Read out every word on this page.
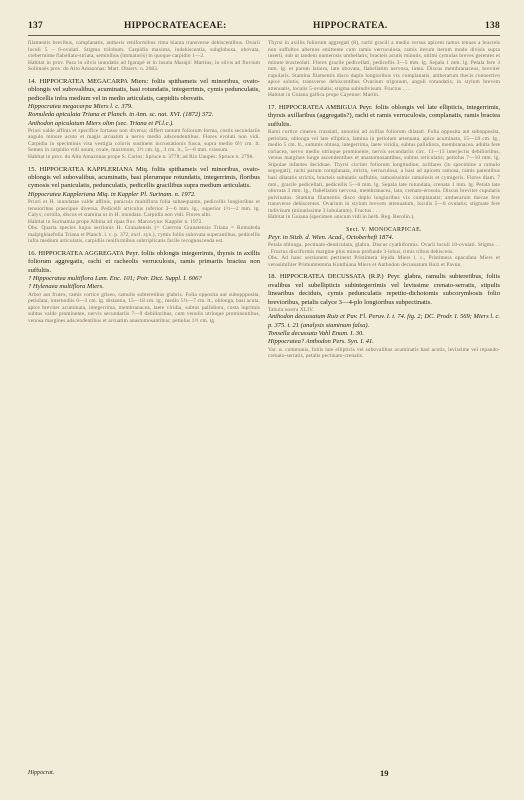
137	HIPPOCRATEACEAE:	HIPPOCRATEA.	138

filamentis brevibus, complanatis, antheris reniformibus rima bianta transverse dehiscentibus. Ovarii loculi 5 – 6-ovulati. Stigma trilobum. Carpidia maxima, indehiscentia, subglobosa, obovata, crebermime flabellato-striata, seminibus (immaturis) in quoque carpidio 1—2.

Habitat in prov. Para in silvis inundatis ad Igarapé et in insula Marajó: Martius; in silvis ad fluvium Solimoës prov. do Alto Amazonas: Mart. Observ. n. 2683.

14. HIPPOCRATEA MEGACARPA Miers: foliis spithameis vel minoribus, ovato-oblongis vel subovalibus, acuminatis, basi rotundatis, integerrimis, cymis pedunculatis, pedicellis infra medium vel in medio articulatis, carpidiis obovatis.

Hippocratea megacarpa Miers l. c. 379.

Romuleda apiculata Triana et Planch. in Ann. sc. nat. XVI. (1872) 372.

Anthodon apiculatum Miers olim (sec. Triana et Pl.l.c.).

Priori valde affinis et specifice fortasse non diversa; differt tantum foliorum forma, costis secundariis angulo minore acuto et magis arcuatim a nervo medio adscendentibus. Flores evoluti non vidi. Carpidia in speciminis visa vestigia coloris sustinent incrustationis fusca, supra medio 6½ cm. lt. Semen in carpidio vidi unum, ovale, maximum, 3½ cm. lg., 3 cm. lt., 5—6 mm. crassum.

Habitat in prov. do Alto Amazonas prope S. Carlos: Spruce n. 3778; ad Rio Uaupés: Spruce n. 2796.

15. HIPPOCRATEA KAPPLERIANA Miq. foliis spithameis vel minoribus, ovato-oblongis vel subovalibus, acuminatis, basi plerumque rotundatis, integerrimis, floribus cymosis vel paniculatis, pedunculatis, pedicellis gracilibus supra medium articulatis.

Hippocratea Kappleriana Miq. in Kappler Pl. Surinam. n. 1972.

Priori et H. inundatae valde affinis, panicula multiflora folia subaequante, pedicellis longioribus et tenuioribus praecipue diversa. Pedicelli articulus inferior 3—6 mm. lg., superior 1½—2 mm. lg. Calyx, corolla, discus et stamina ut in H. inundata. Carpidia non vidi. Flores albi.

Habitat in Surinamia prope Albina ad ripas fluv. Marowyne: Kappler n. 1972.

Obs. Quarta species hujus sectionis H. Granatensis (= Cuervea Granatensis Triana = Romuleda malpighiaefolia Triana et Planch. l. c. p. 372, excl. syn.), cymis foliis subovata superantibus, pedicellis infra medium articulatis, carpidiis reniformibus subtriplicatis facile recognoscenda est.

16. HIPPOCRATEA AGGREGATA Peyr. foliis oblongis integerrimis, thyrsis in axillis foliorum aggregatis, rachi et racheolis verruculosis, ramis primariis bractea non suffultis.

? Hippocratea multiflora Lam. Enc. 101; Poir. Dict. Suppl. I. 606?

? Hylenaea multiflora Miers.

Arbor aut frutex, ramis cortice griseo, ramulis subteretibus glabris. Folia opposita aut suboppposita, petiolata, internodiis 6—3 cm. lg. distantia, 15—18 cm. lg., medio 5½—7 cm. lt., oblonga, basi acuta, apice breviter acuminata, integerrima, membranacea, laete viridia, subtus pallidiora, costa inprimis subtus valde prominente, nervis secundariis 7—9 debilioribus, cum venulis utrinque prominentibus, venosa margines adscendentibus et arcuatim anastomosantibus; petiolus 1½ cm. lg.

Thyrsi in axillis foliorum aggregati (8), rachi gracili a medio versus apicem ramos tenues a bracteis non suffultos alternos emittente cum ramis verruculosa, ramis iterum iterum modo divisis supra inserti, sub ut tandem numerosis umbellatis; bracteis acutis minutis, ultimi cymulas breves gerentes et minute bracteolati. Flores gracile pedicellati, pedicellis 3—5 mm. lg. Sepala 1 mm. lg. Petala fere 3 mm. lg. et parum latiora, late obovata, flabellatim nervosa, lutea. Discus membranaceus, breviter cupularis. Stamina filamentis disco duplo longioribus vix complanatis, antherarum thecis connectivo apice solutis, transverse dehiscentibus Ovarium trigonum, anguli rotundatis; in stylum brevem attenuatis, loculis 5-ovulatis; stigma subindivisum. Fructus . . .

Habitat in Guiana gallica prope Cayenne: Martin.

17. HIPPOCRATEA AMBIGUA Peyr. foliis oblongis vel late ellipticis, integerrimis, thyrsis axillaribus (aggregatis?), rachi et ramis verruculosis, complanatis, ramis bractea suffultis.

Rami cortice cinereo crassiuti, annotini ad axillas foliorum dilatati. Folia opposita aut subopposita, petiolata, oblonga vel late elliptica, lamina in petiolum attenuata, apice acuminata, 15—18 cm. lg., medio 5 cm. lt., summis obtusa, integerrima, laete viridia, subtus pallidiora, membranacea, adulta fere coriacea, nervo medio utrinque prominente, nervis secundariis circ. 11—13 interjectis debilioribus, versus margines longe ascendentibus et anastomosantibus, subtus reticulatis; petiolus 7—10 mm. lg. Stipulae infantes deciduae. Thyrsi circiter foliorum longitudine, axillares (in specimine a ramulo segregati), rachi parum complanata, stricta, verruculosa, a basi ad apicem ramosa, ramis patentibus basi dilatatis strictis, bracteis subulatis suffultis, ramosissimis ramulosis et cymigeris. Flores diam. 7 mm., gracile pedicellati, pedicellis 5—6 mm. lg. Sepala late rotundata, crenata 1 mm. lg. Petala late obovata 3 mm. lg., flabellatim nervosa, membranacea, lata, crenato-erosula. Discus breviter cupularis pulvinatus. Stamina filamentis disco duplo longioribus vix complanatis; antherarum thecae fere transverse dehiscentes. Ovarium in stylum brevem attenuatum, loculis 5—6 ovulatis; stigmate fere indivisum (minutissime 3 lobulatum). Fructus . . .

Habitat in Guiana (specimen unicum vidi in herb. Reg. Berolin.).

Sect. V. MONOCARPICAE.

Peyr. in Sitzb. d. Wien. Acad., Octoberheft 1874.

Petala oblonga, pectinato-denticulata, glabra. Discus cyathiformis. Ovarii loculi 10-ovulati. Stigma . . . Fructus disciformis margine plus minus profunde 3-lobus, rimis tribus dehiscens.

Obs. Ad hanc sectionem pertinent Pristimera lépida Miers l. c., Pristimera opaculata Miers et verosimiliter Primumtemma Kunthiana Miers et Anthodon decussatum Ruiz et Pavon.

18. HIPPOCRATEA DECUSSATA (R.P.) Peyr. glabra, ramulis subteretibus, foliis ovalibus vel subellipticis subintegerrimis vel levissime crenato-serratis, stipulis linearibus deciduis, cymis pedunculatis repetito-dichotomis subcorymbosis folio brevioribus, petalis calyce 3—4-plo longioribus subpectinatis.

Tabula nostra XLIV.

Anthodon decussatum Ruiz et Pav. Fl. Peruv. I. t. 74. fig. 2; DC. Prodr. I. 569; Miers l. c. p. 375. t. 21 (analysis staminum falsa).

Tonsella decussata Vahl Enum. I. 30.

Hippocratea? Anthodon Pers. Syn. I. 41.

Var. α. communis, foliis late ellipticis vel subovalibus acuminatis basi acutis, levissime vel repando-crenato-serratis, petalis pectinato-crenatis.

Hippocrat.	19
